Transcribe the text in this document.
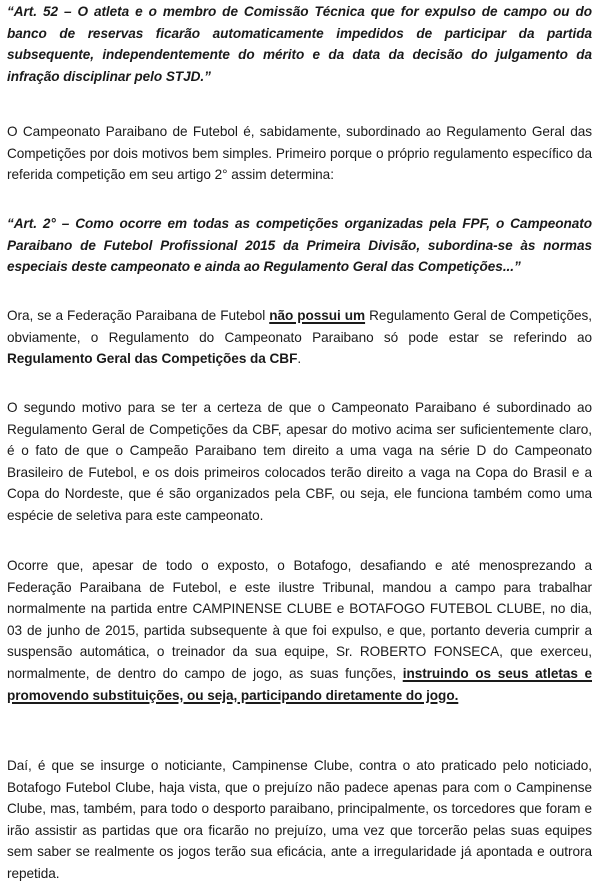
“Art. 52 – O atleta e o membro de Comissão Técnica que for expulso de campo ou do banco de reservas ficarão automaticamente impedidos de participar da partida subsequente, independentemente do mérito e da data da decisão do julgamento da infração disciplinar pelo STJD.”

O Campeonato Paraibano de Futebol é, sabidamente, subordinado ao Regulamento Geral das Competições por dois motivos bem simples. Primeiro porque o próprio regulamento específico da referida competição em seu artigo 2° assim determina:

“Art. 2° – Como ocorre em todas as competições organizadas pela FPF, o Campeonato Paraibano de Futebol Profissional 2015 da Primeira Divisão, subordina-se às normas especiais deste campeonato e ainda ao Regulamento Geral das Competições...”

Ora, se a Federação Paraibana de Futebol não possui um Regulamento Geral de Competições, obviamente, o Regulamento do Campeonato Paraibano só pode estar se referindo ao Regulamento Geral das Competições da CBF.

O segundo motivo para se ter a certeza de que o Campeonato Paraibano é subordinado ao Regulamento Geral de Competições da CBF, apesar do motivo acima ser suficientemente claro, é o fato de que o Campeão Paraibano tem direito a uma vaga na série D do Campeonato Brasileiro de Futebol, e os dois primeiros colocados terão direito a vaga na Copa do Brasil e a Copa do Nordeste, que é são organizados pela CBF, ou seja, ele funciona também como uma espécie de seletiva para este campeonato.

Ocorre que, apesar de todo o exposto, o Botafogo, desafiando e até menosprezando a Federação Paraibana de Futebol, e este ilustre Tribunal, mandou a campo para trabalhar normalmente na partida entre CAMPINENSE CLUBE e BOTAFOGO FUTEBOL CLUBE, no dia, 03 de junho de 2015, partida subsequente à que foi expulso, e que, portanto deveria cumprir a suspensão automática, o treinador da sua equipe, Sr. ROBERTO FONSECA, que exerceu, normalmente, de dentro do campo de jogo, as suas funções, instruindo os seus atletas e promovendo substituições, ou seja, participando diretamente do jogo.

Daí, é que se insurge o noticiante, Campinense Clube, contra o ato praticado pelo noticiado, Botafogo Futebol Clube, haja vista, que o prejuízo não padece apenas para com o Campinense Clube, mas, também, para todo o desporto paraibano, principalmente, os torcedores que foram e irão assistir as partidas que ora ficarão no prejuízo, uma vez que torcerão pelas suas equipes sem saber se realmente os jogos terão sua eficácia, ante a irregularidade já apontada e outrora repetida.
